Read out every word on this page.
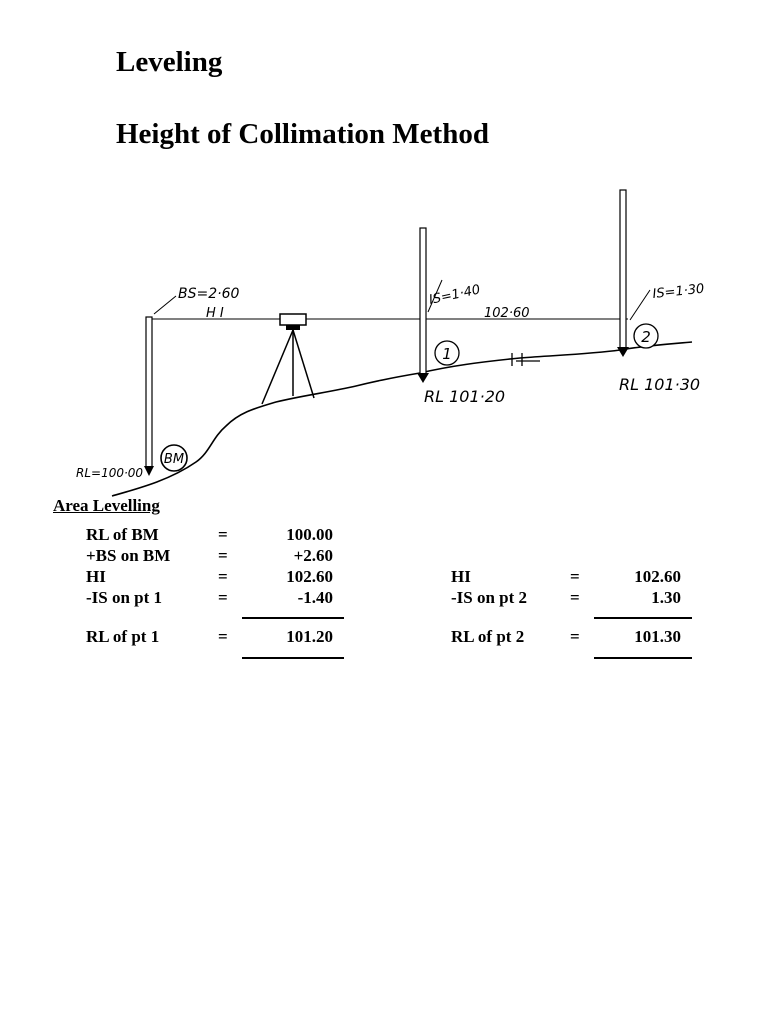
Leveling
Height of Collimation Method
1
2
BM
BS=2·60
H I
IS=1·40
102·60
IS=1·30
RL=100·00
RL 101·20
RL 101·30

Area Levelling

RL of BM	=	100.00
+BS on BM	=	+2.60
HI	=	102.60
-IS on pt 1	=	-1.40
RL of pt 1	=	101.20
HI	=	102.60
-IS on pt 2	=	1.30
RL of pt 2	=	101.30
